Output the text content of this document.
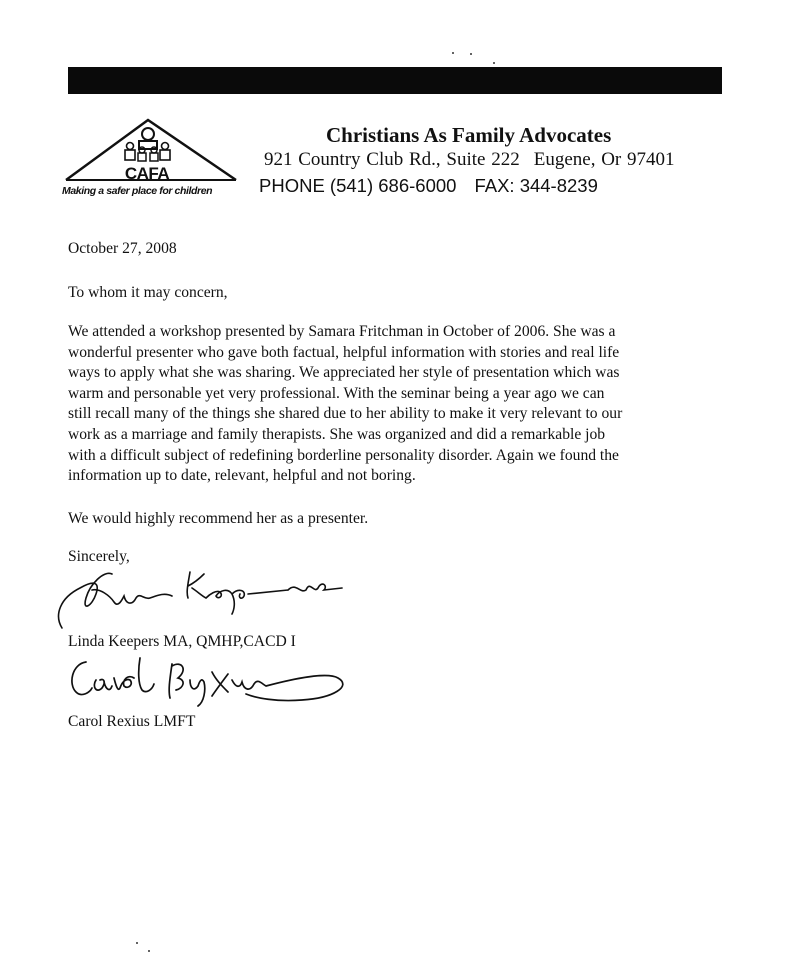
CAFA
Making a safer place for children
Christians As Family Advocates
921 Country Club Rd., Suite 222 Eugene, Or 97401
PHONE (541) 686-6000 FAX: 344-8239
October 27, 2008
To whom it may concern,
We attended a workshop presented by Samara Fritchman in October of 2006. She was a
wonderful presenter who gave both factual, helpful information with stories and real life
ways to apply what she was sharing. We appreciated her style of presentation which was
warm and personable yet very professional. With the seminar being a year ago we can
still recall many of the things she shared due to her ability to make it very relevant to our
work as a marriage and family therapists. She was organized and did a remarkable job
with a difficult subject of redefining borderline personality disorder. Again we found the
information up to date, relevant, helpful and not boring.
We would highly recommend her as a presenter.
Sincerely,
Linda Keepers MA, QMHP,CACD I
Carol Rexius LMFT
